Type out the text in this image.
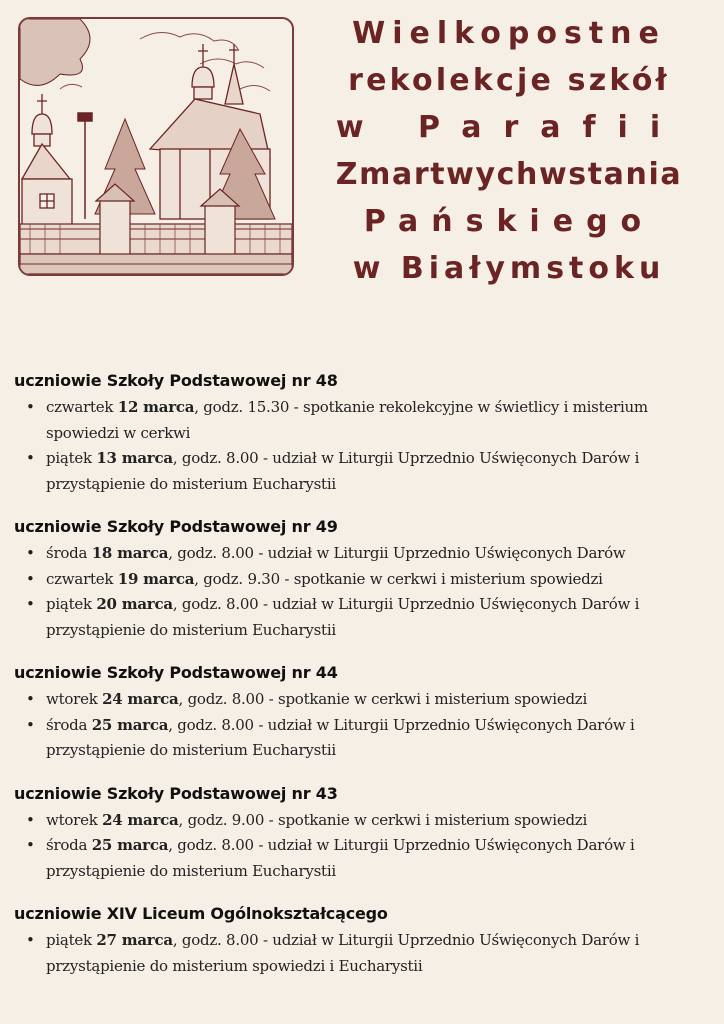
Wielkopostne
rekolekcje szkół
w Parafii
Zmartwychwstania
Pańskiego
w Białymstoku
uczniowie Szkoły Podstawowej nr 48
• czwartek 12 marca, godz. 15.30 - spotkanie rekolekcyjne w świetlicy i misterium spowiedzi w cerkwi
• piątek 13 marca, godz. 8.00 - udział w Liturgii Uprzednio Uświęconych Darów i przystąpienie do misterium Eucharystii
uczniowie Szkoły Podstawowej nr 49
• środa 18 marca, godz. 8.00 - udział w Liturgii Uprzednio Uświęconych Darów
• czwartek 19 marca, godz. 9.30 - spotkanie w cerkwi i misterium spowiedzi
• piątek 20 marca, godz. 8.00 - udział w Liturgii Uprzednio Uświęconych Darów i przystąpienie do misterium Eucharystii
uczniowie Szkoły Podstawowej nr 44
• wtorek 24 marca, godz. 8.00 - spotkanie w cerkwi i misterium spowiedzi
• środa 25 marca, godz. 8.00 - udział w Liturgii Uprzednio Uświęconych Darów i przystąpienie do misterium Eucharystii
uczniowie Szkoły Podstawowej nr 43
• wtorek 24 marca, godz. 9.00 - spotkanie w cerkwi i misterium spowiedzi
• środa 25 marca, godz. 8.00 - udział w Liturgii Uprzednio Uświęconych Darów i przystąpienie do misterium Eucharystii
uczniowie XIV Liceum Ogólnokształcącego
• piątek 27 marca, godz. 8.00 - udział w Liturgii Uprzednio Uświęconych Darów i przystąpienie do misterium spowiedzi i Eucharystii
